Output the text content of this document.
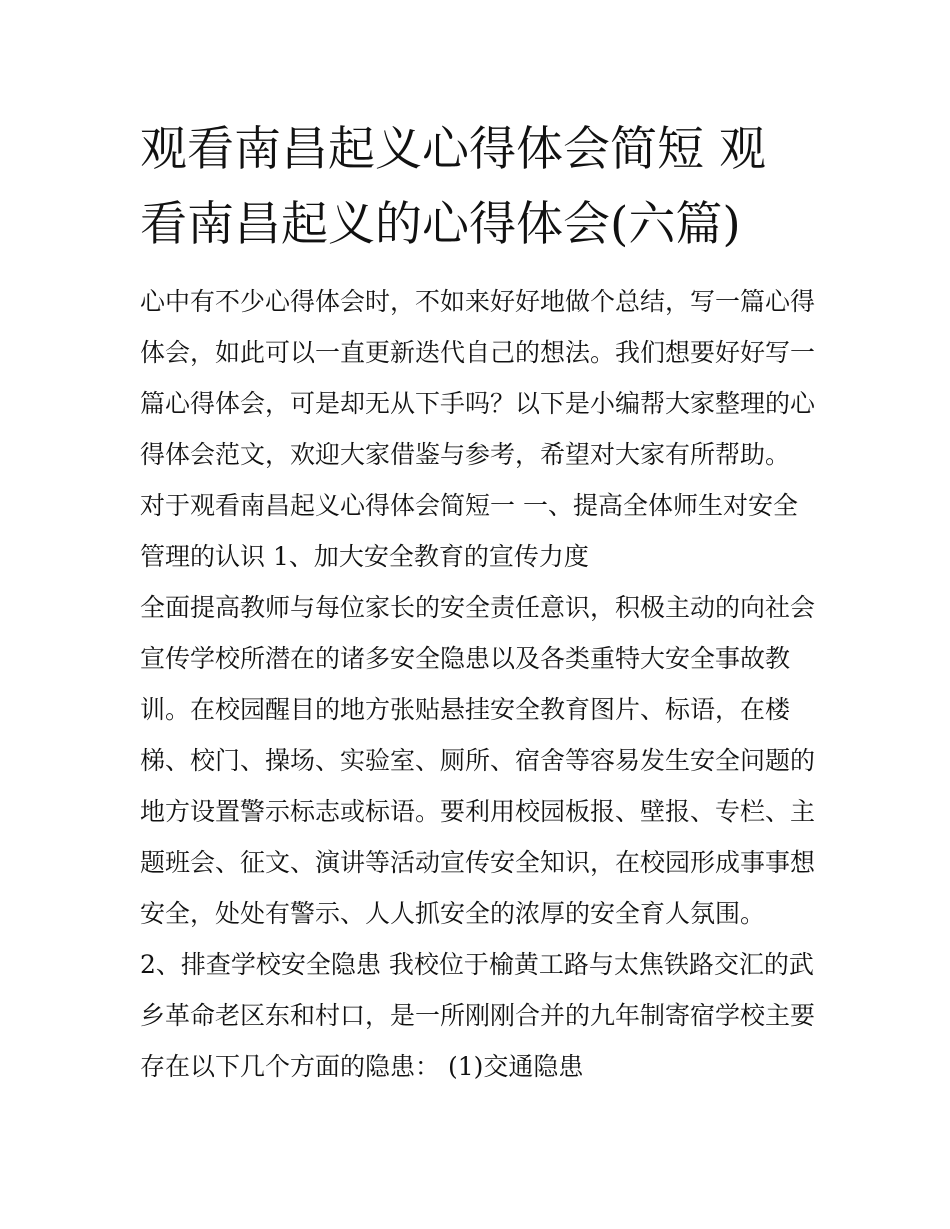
观看南昌起义心得体会简短 观
看南昌起义的心得体会(六篇)

心中有不少心得体会时，不如来好好地做个总结，写一篇心得

体会，如此可以一直更新迭代自己的想法。我们想要好好写一

篇心得体会，可是却无从下手吗？以下是小编帮大家整理的心

得体会范文，欢迎大家借鉴与参考，希望对大家有所帮助。

对于观看南昌起义心得体会简短一 一、提高全体师生对安全

管理的认识 1、加大安全教育的宣传力度

全面提高教师与每位家长的安全责任意识，积极主动的向社会

宣传学校所潜在的诸多安全隐患以及各类重特大安全事故教

训。在校园醒目的地方张贴悬挂安全教育图片、标语，在楼

梯、校门、操场、实验室、厕所、宿舍等容易发生安全问题的

地方设置警示标志或标语。要利用校园板报、壁报、专栏、主

题班会、征文、演讲等活动宣传安全知识，在校园形成事事想

安全，处处有警示、人人抓安全的浓厚的安全育人氛围。

2、排查学校安全隐患 我校位于榆黄工路与太焦铁路交汇的武

乡革命老区东和村口，是一所刚刚合并的九年制寄宿学校主要

存在以下几个方面的隐患： (1)交通隐患
